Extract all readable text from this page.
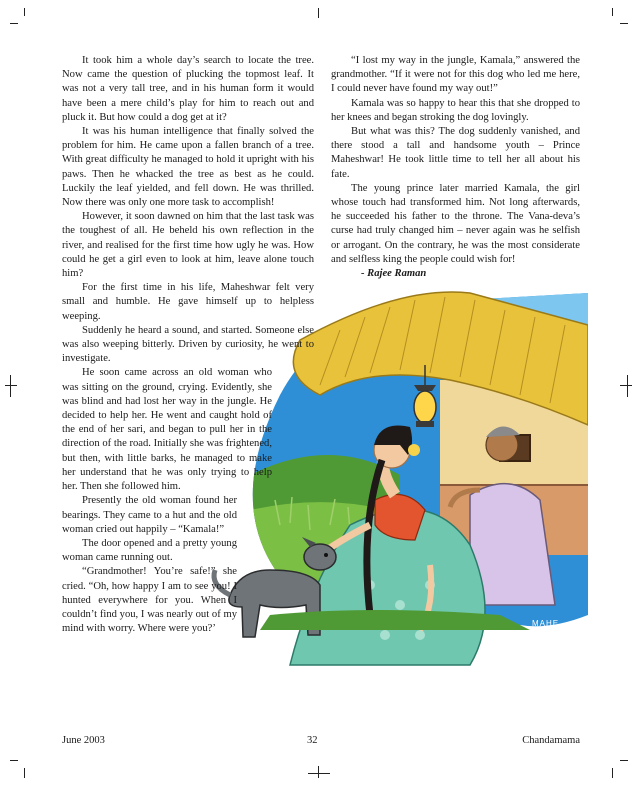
MAHE...

It took him a whole day’s search to locate the tree. Now came the question of plucking the topmost leaf. It was not a very tall tree, and in his human form it would have been a mere child’s play for him to reach out and pluck it. But how could a dog get at it?

It was his human intelligence that finally solved the problem for him. He came upon a fallen branch of a tree. With great difficulty he managed to hold it upright with his paws. Then he whacked the tree as best as he could. Luckily the leaf yielded, and fell down. He was thrilled. Now there was only one more task to accomplish!

However, it soon dawned on him that the last task was the toughest of all. He beheld his own reflection in the river, and realised for the first time how ugly he was. How could he get a girl even to look at him, leave alone touch him?

For the first time in his life, Maheshwar felt very small and humble. He gave himself up to helpless weeping.

Suddenly he heard a sound, and started. Someone else was also weeping bitterly. Driven by curiosity, he went to investigate.

He soon came across an old woman who was sitting on the ground, crying. Evidently, she was blind and had lost her way in the jungle. He decided to help her. He went and caught hold of the end of her sari, and began to pull her in the direction of the road. Initially she was frightened, but then, with little barks, he managed to make her understand that he was only trying to help her. Then she followed him.

Presently the old woman found her bearings. They came to a hut and the old woman cried out happily – “Kamala!”

The door opened and a pretty young woman came running out.

“Grandmother! You’re safe!” she cried. “Oh, how happy I am to see you! I hunted everywhere for you. When I couldn’t find you, I was nearly out of my mind with worry. Where were you?’

“I lost my way in the jungle, Kamala,” answered the grandmother. “If it were not for this dog who led me here, I could never have found my way out!”

Kamala was so happy to hear this that she dropped to her knees and began stroking the dog lovingly.

But what was this? The dog suddenly vanished, and there stood a tall and handsome youth – Prince Maheshwar! He took little time to tell her all about his fate.

The young prince later married Kamala, the girl whose touch had transformed him. Not long afterwards, he succeeded his father to the throne. The Vana-deva’s curse had truly changed him – never again was he selfish or arrogant. On the contrary, he was the most considerate and selfless king the people could wish for!

- Rajee Raman

June 2003	32	Chandamama
